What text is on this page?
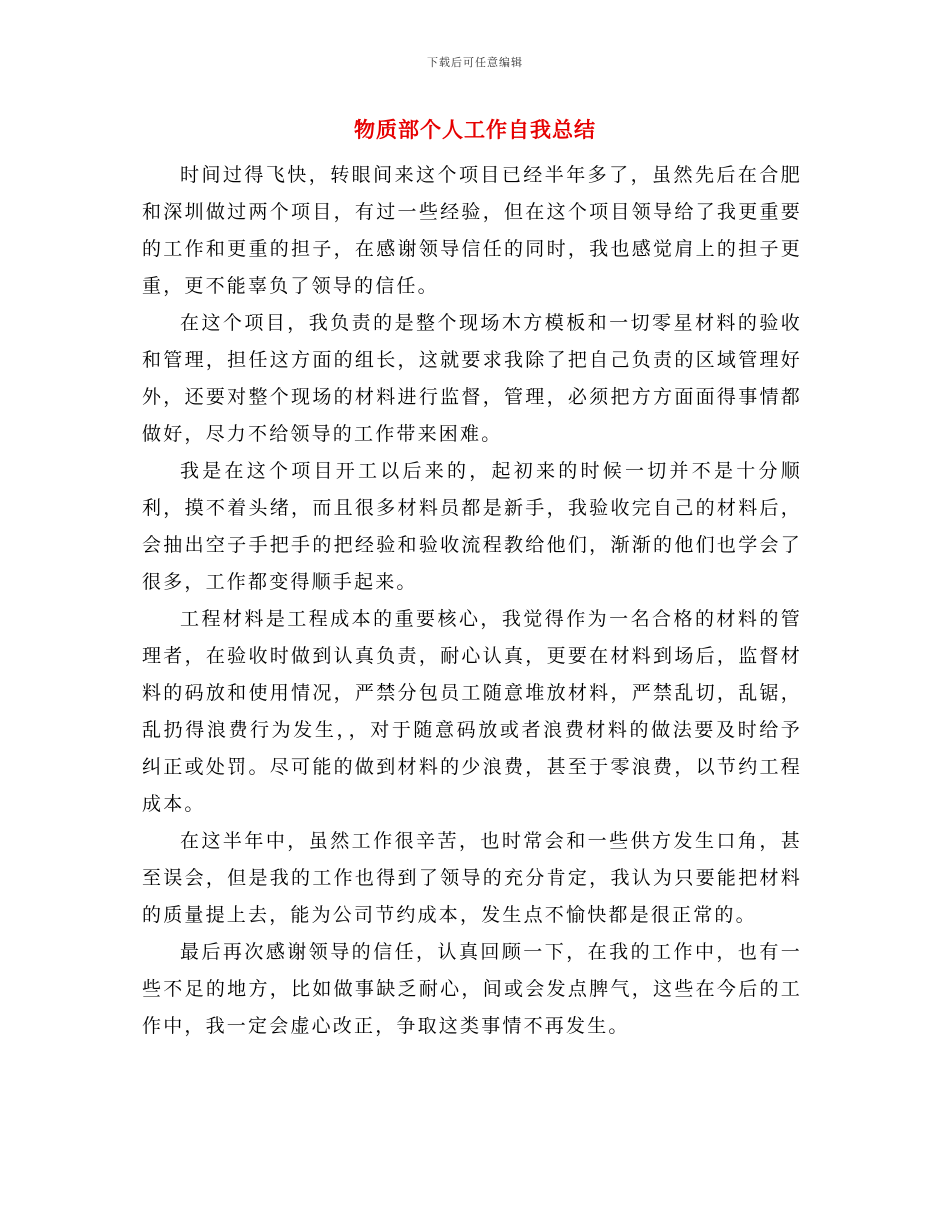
下载后可任意编辑
物质部个人工作自我总结

时间过得飞快，转眼间来这个项目已经半年多了，虽然先后在合肥和深圳做过两个项目，有过一些经验，但在这个项目领导给了我更重要的工作和更重的担子，在感谢领导信任的同时，我也感觉肩上的担子更重，更不能辜负了领导的信任。

在这个项目，我负责的是整个现场木方模板和一切零星材料的验收和管理，担任这方面的组长，这就要求我除了把自己负责的区域管理好外，还要对整个现场的材料进行监督，管理，必须把方方面面得事情都做好，尽力不给领导的工作带来困难。

我是在这个项目开工以后来的，起初来的时候一切并不是十分顺利，摸不着头绪，而且很多材料员都是新手，我验收完自己的材料后，会抽出空子手把手的把经验和验收流程教给他们，渐渐的他们也学会了很多，工作都变得顺手起来。

工程材料是工程成本的重要核心，我觉得作为一名合格的材料的管理者，在验收时做到认真负责，耐心认真，更要在材料到场后，监督材料的码放和使用情况，严禁分包员工随意堆放材料，严禁乱切，乱锯，乱扔得浪费行为发生，，对于随意码放或者浪费材料的做法要及时给予纠正或处罚。尽可能的做到材料的少浪费，甚至于零浪费，以节约工程成本。

在这半年中，虽然工作很辛苦，也时常会和一些供方发生口角，甚至误会，但是我的工作也得到了领导的充分肯定，我认为只要能把材料的质量提上去，能为公司节约成本，发生点不愉快都是很正常的。

最后再次感谢领导的信任，认真回顾一下，在我的工作中，也有一些不足的地方，比如做事缺乏耐心，间或会发点脾气，这些在今后的工作中，我一定会虚心改正，争取这类事情不再发生。
